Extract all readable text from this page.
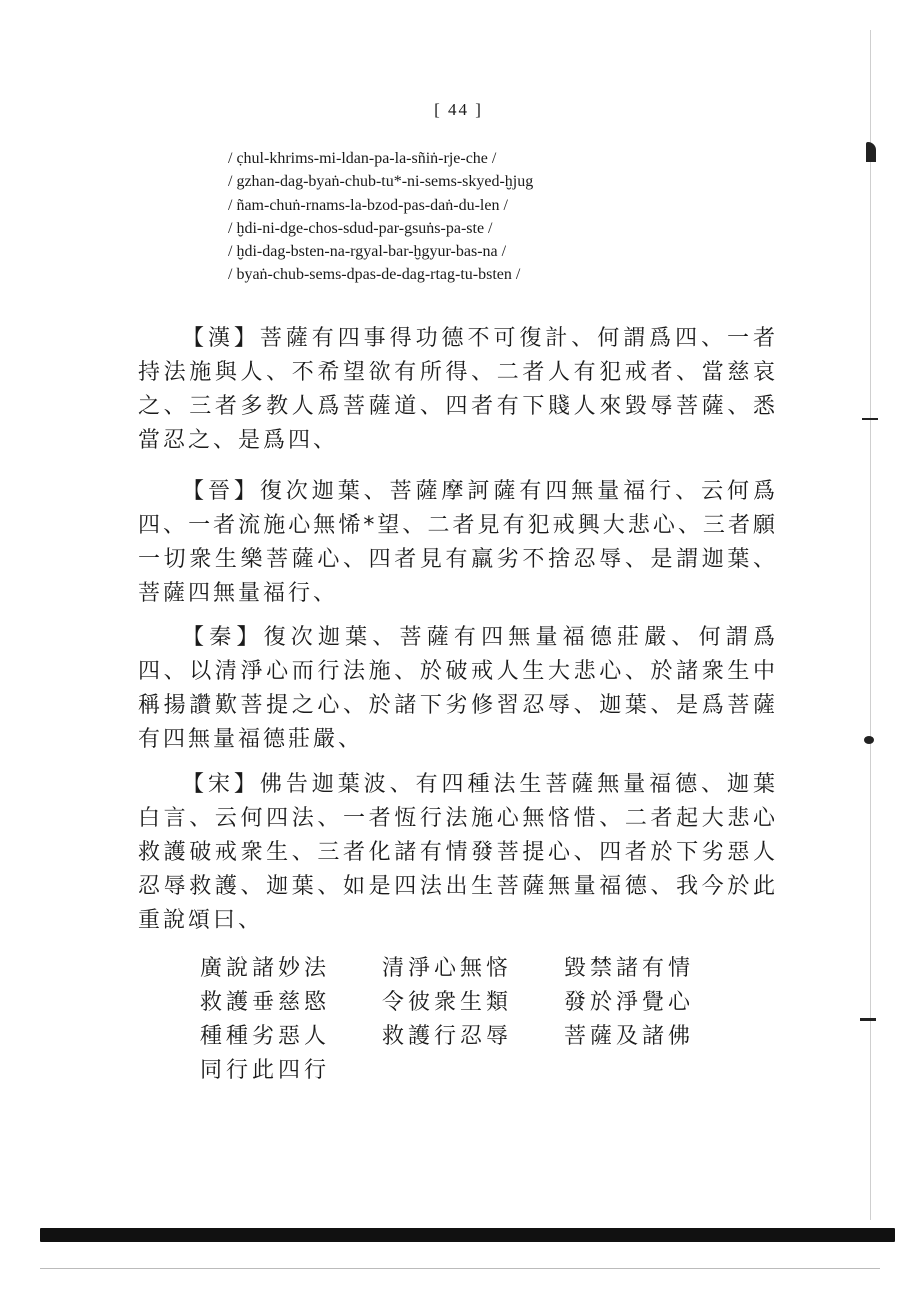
[ 44 ]
/ c̣hul-khrims-mi-ldan-pa-la-sñiṅ-rje-che /
/ gzhan-dag-byaṅ-chub-tu*-ni-sems-skyed-ḫjug
/ ñam-chuṅ-rnams-la-bzod-pas-daṅ-du-len /
/ ḫdi-ni-dge-chos-sdud-par-gsuṅs-pa-ste /
/ ḫdi-dag-bsten-na-rgyal-bar-ḫgyur-bas-na /
/ byaṅ-chub-sems-dpas-de-dag-rtag-tu-bsten /
【漢】菩薩有四事得功德不可復計、何謂爲四、一者持法施與人、不希望欲有所得、二者人有犯戒者、當慈哀之、三者多教人爲菩薩道、四者有下賤人來毀辱菩薩、悉當忍之、是爲四、
【晉】復次迦葉、菩薩摩訶薩有四無量福行、云何爲四、一者流施心無悕*望、二者見有犯戒興大悲心、三者願一切衆生樂菩薩心、四者見有羸劣不捨忍辱、是謂迦葉、菩薩四無量福行、
【秦】復次迦葉、菩薩有四無量福德莊嚴、何謂爲四、以清淨心而行法施、於破戒人生大悲心、於諸衆生中稱揚讚歎菩提之心、於諸下劣修習忍辱、迦葉、是爲菩薩有四無量福德莊嚴、
【宋】佛告迦葉波、有四種法生菩薩無量福德、迦葉白言、云何四法、一者恆行法施心無悋惜、二者起大悲心救護破戒衆生、三者化諸有情發菩提心、四者於下劣惡人忍辱救護、迦葉、如是四法出生菩薩無量福德、我今於此重說頌曰、
廣說諸妙法	清淨心無悋	毀禁諸有情
救護垂慈愍	令彼衆生類	發於淨覺心
種種劣惡人	救護行忍辱	菩薩及諸佛
同行此四行
